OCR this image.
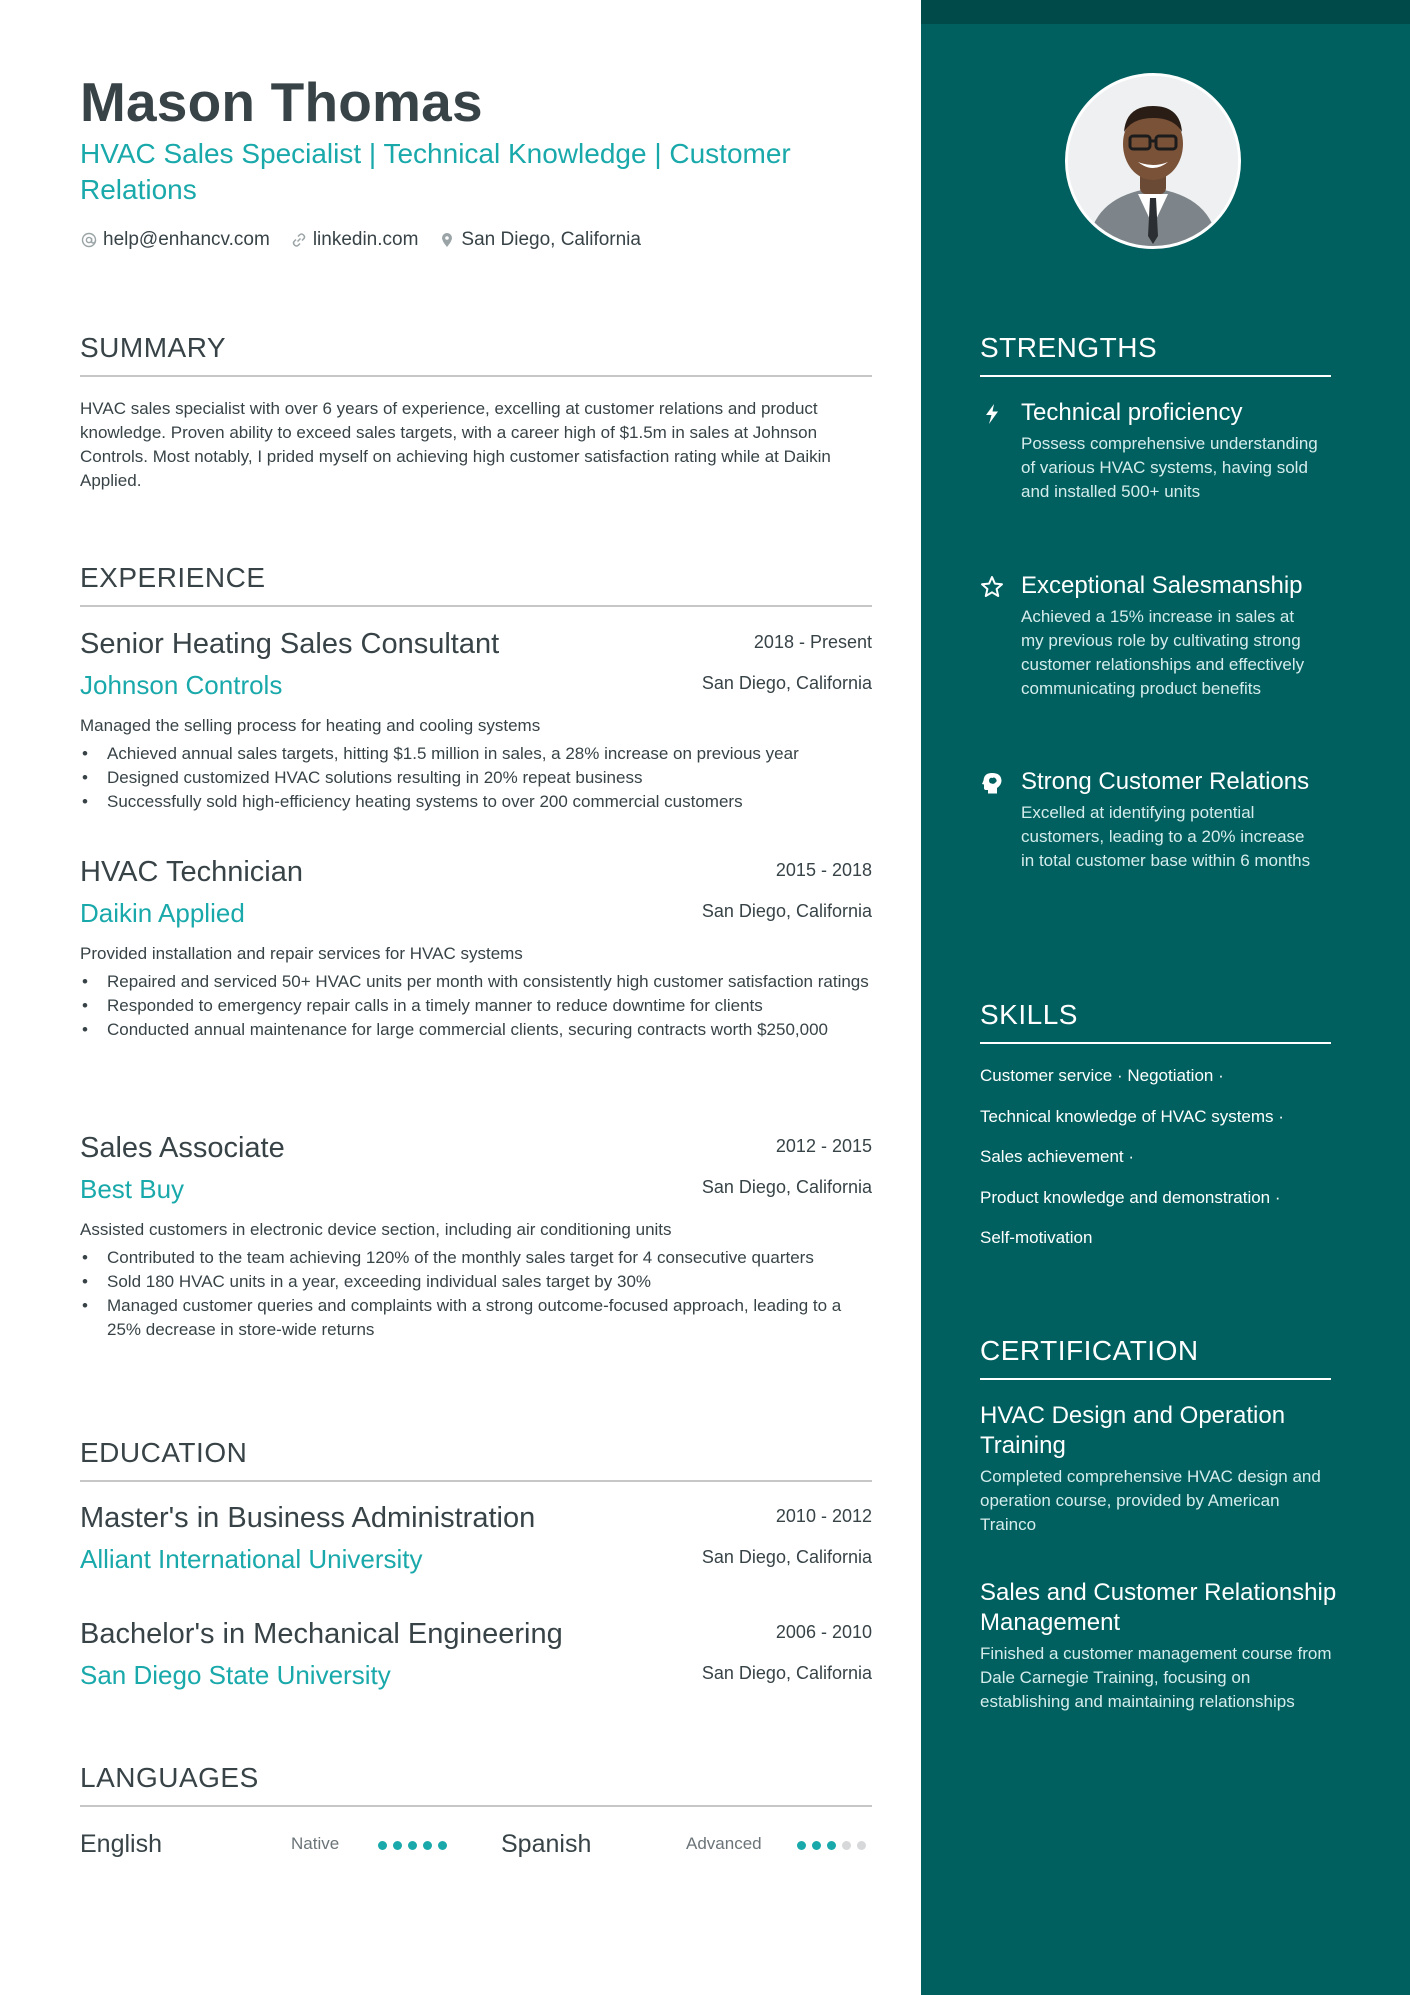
Mason Thomas
HVAC Sales Specialist | Technical Knowledge | Customer Relations
help@enhancv.com linkedin.com San Diego, California
SUMMARY
HVAC sales specialist with over 6 years of experience, excelling at customer relations and product knowledge. Proven ability to exceed sales targets, with a career high of $1.5m in sales at Johnson Controls. Most notably, I prided myself on achieving high customer satisfaction rating while at Daikin Applied.
EXPERIENCE
Senior Heating Sales Consultant	2018 - Present
Johnson Controls	San Diego, California
Managed the selling process for heating and cooling systems
• Achieved annual sales targets, hitting $1.5 million in sales, a 28% increase on previous year
• Designed customized HVAC solutions resulting in 20% repeat business
• Successfully sold high-efficiency heating systems to over 200 commercial customers
HVAC Technician	2015 - 2018
Daikin Applied	San Diego, California
Provided installation and repair services for HVAC systems
• Repaired and serviced 50+ HVAC units per month with consistently high customer satisfaction ratings
• Responded to emergency repair calls in a timely manner to reduce downtime for clients
• Conducted annual maintenance for large commercial clients, securing contracts worth $250,000
Sales Associate	2012 - 2015
Best Buy	San Diego, California
Assisted customers in electronic device section, including air conditioning units
• Contributed to the team achieving 120% of the monthly sales target for 4 consecutive quarters
• Sold 180 HVAC units in a year, exceeding individual sales target by 30%
• Managed customer queries and complaints with a strong outcome-focused approach, leading to a 25% decrease in store-wide returns
EDUCATION
Master's in Business Administration	2010 - 2012
Alliant International University	San Diego, California
Bachelor's in Mechanical Engineering	2006 - 2010
San Diego State University	San Diego, California
LANGUAGES
English	Native	Spanish	Advanced
STRENGTHS
Technical proficiency
Possess comprehensive understanding of various HVAC systems, having sold and installed 500+ units
Exceptional Salesmanship
Achieved a 15% increase in sales at my previous role by cultivating strong customer relationships and effectively communicating product benefits
Strong Customer Relations
Excelled at identifying potential customers, leading to a 20% increase in total customer base within 6 months
SKILLS
Customer service · Negotiation ·
Technical knowledge of HVAC systems ·
Sales achievement ·
Product knowledge and demonstration ·
Self-motivation
CERTIFICATION
HVAC Design and Operation Training
Completed comprehensive HVAC design and operation course, provided by American Trainco
Sales and Customer Relationship Management
Finished a customer management course from Dale Carnegie Training, focusing on establishing and maintaining relationships
